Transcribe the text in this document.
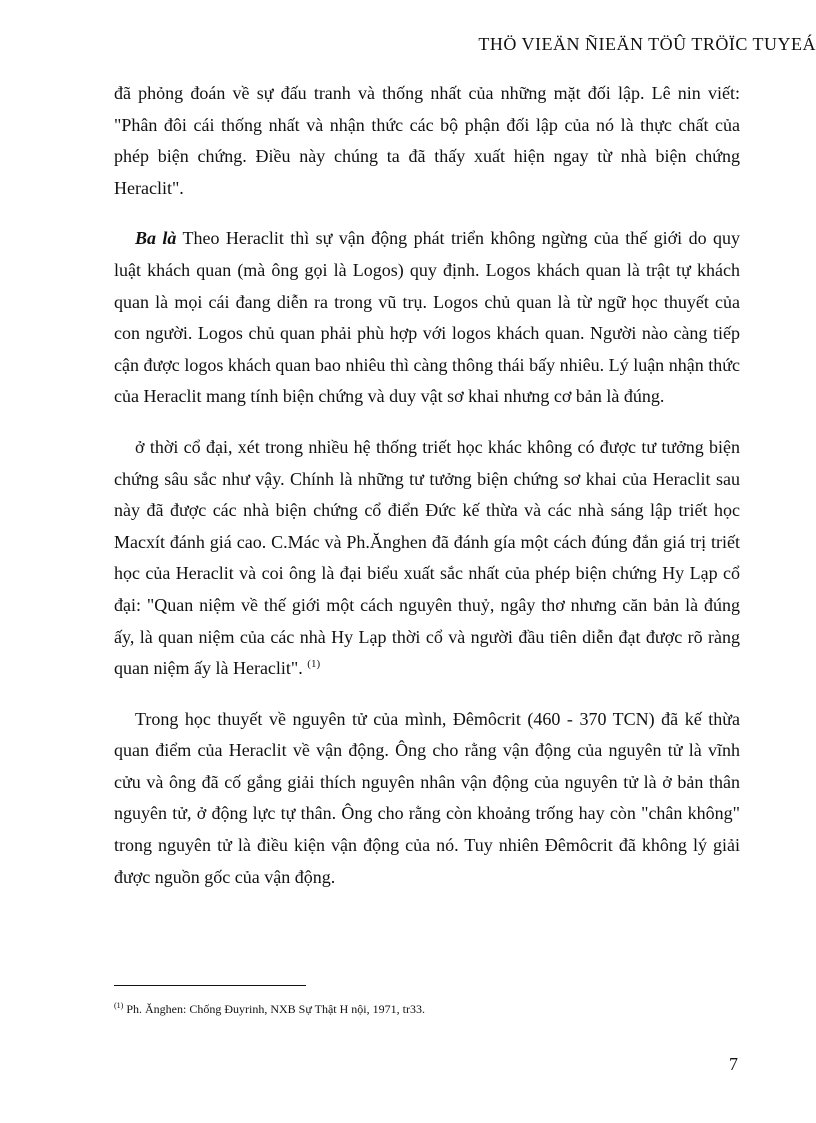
THÖ VIEÄN ÑIEÄN TÖÛ TRÖÏC TUYEÁ

đã phỏng đoán về sự đấu tranh và thống nhất của những mặt đối lập. Lê nin viết: "Phân đôi cái thống nhất và nhận thức các bộ phận đối lập của nó là thực chất của phép biện chứng. Điều này chúng ta đã thấy xuất hiện ngay từ nhà biện chứng Heraclit".

Ba là Theo Heraclit thì sự vận động phát triển không ngừng của thế giới do quy luật khách quan (mà ông gọi là Logos) quy định. Logos khách quan là trật tự khách quan là mọi cái đang diễn ra trong vũ trụ. Logos chủ quan là từ ngữ học thuyết của con người. Logos chủ quan phải phù hợp với logos khách quan. Người nào càng tiếp cận được logos khách quan bao nhiêu thì càng thông thái bấy nhiêu. Lý luận nhận thức của Heraclit mang tính biện chứng và duy vật sơ khai nhưng cơ bản là đúng.

ở thời cổ đại, xét trong nhiều hệ thống triết học khác không có được tư tưởng biện chứng sâu sắc như vậy. Chính là những tư tưởng biện chứng sơ khai của Heraclit sau này đã được các nhà biện chứng cổ điển Đức kế thừa và các nhà sáng lập triết học Macxít đánh giá cao. C.Mác và Ph.Ănghen đã đánh gía một cách đúng đắn giá trị triết học của Heraclit và coi ông là đại biểu xuất sắc nhất của phép biện chứng Hy Lạp cổ đại: "Quan niệm về thế giới một cách nguyên thuỷ, ngây thơ nhưng căn bản là đúng ấy, là quan niệm của các nhà Hy Lạp thời cổ và người đầu tiên diễn đạt được rõ ràng quan niệm ấy là Heraclit". $^{(1)}$

Trong học thuyết về nguyên tử của mình, Đêmôcrit (460 - 370 TCN) đã kế thừa quan điểm của Heraclit về vận động. Ông cho rằng vận động của nguyên tử là vĩnh cửu và ông đã cố gắng giải thích nguyên nhân vận động của nguyên tử là ở bản thân nguyên tử, ở động lực tự thân. Ông cho rằng còn khoảng trống hay còn "chân không" trong nguyên tử là điều kiện vận động của nó. Tuy nhiên Đêmôcrit đã không lý giải được nguồn gốc của vận động.

$^{(1)}$ Ph. Ănghen: Chống Đuyrinh, NXB Sự Thật H nội, 1971, tr33.
7
